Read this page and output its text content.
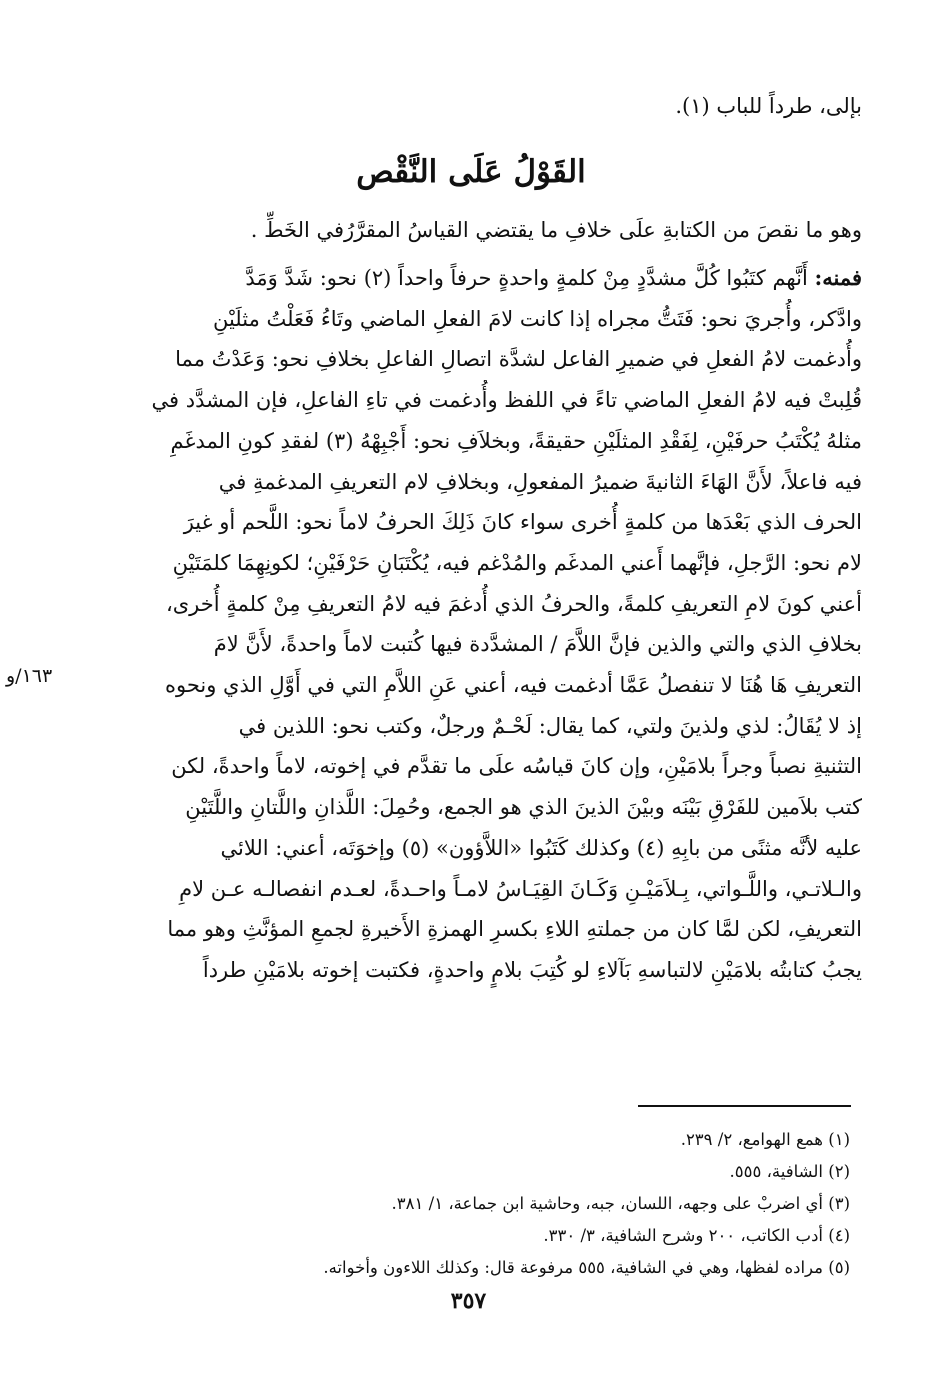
بإلى، طرداً للباب (١).
القَوْلُ عَلَى النَّقْص
وهو ما نقصَ من الكتابةِ علَى خلافِ ما يقتضي القياسُ المقرَّرُفي الخَطِّ .
فمنه: أَنَّهم كتَبُوا كُلَّ مشدَّدٍ مِنْ كلمةٍ واحدةٍ حرفاً واحداً (٢) نحو: شَدَّ وَمَدَّ
وادَّكر، وأُجريَ نحو: فَتَتُّ مجراه إذا كانت لامَ الفعلِ الماضي وتَاءُ فَعَلْتُ مثلَيْنِ
وأُدغمت لامُ الفعلِ في ضميرِ الفاعل لشدَّة اتصالِ الفاعلِ بخلافِ نحو: وَعَدْتُ مما
قُلِبتْ فيه لامُ الفعلِ الماضي تاءً في اللفظ وأُدغمت في تاءِ الفاعلِ، فإن المشدَّد في
مثلهُ يُكْتَبُ حرفَيْنِ، لِفَقْدِ المثلَيْنِ حقيقةً، وبخلاَفِ نحو: أَجْبِهْهُ (٣) لفقدِ كونِ المدغَمِ
فيه فاعلاً، لأَنَّ الهَاءَ الثانيةَ ضميرُ المفعولِ، وبخلافِ لام التعريفِ المدغمةِ في
الحرف الذي بَعْدَها من كلمةٍ أُخرى سواء كانَ ذَلِكَ الحرفُ لاماً نحو: اللَّحم أو غيرَ
لام نحو: الرَّجلِ، فإنَّهما أَعني المدغَم والمُدْغم فيه، يُكْتَبَانِ حَرْفَيْنِ؛ لكونِهِمَا كلمَتَيْنِ
أعني كونَ لامِ التعريفِ كلمةً، والحرفُ الذي أُدغمَ فيه لامُ التعريفِ مِنْ كلمةٍ أُخرى،
بخلافِ الذي والتي والذين فإنَّ اللاَّمَ / المشدَّدة فيها كُتبت لاماً واحدةً، لأَنَّ لامَ
التعريفِ هَا هُنَا لا تنفصلُ عَمَّا أدغمت فيه، أعني عَنِ اللاَّمِ التي في أَوَّلِ الذي ونحوه
إذ لا يُقَالُ: لذي ولذينَ ولتي، كما يقال: لَحْـمٌ ورجلٌ، وكتب نحو: اللذين في
التثنيةِ نصباً وجراً بلامَيْنِ، وإن كانَ قياسُه علَى ما تقدَّم في إخوته، لاماً واحدةً، لكن
كتب بلاَمين للفَرْقِ بَيْنَه وبيْنَ الذينَ الذي هو الجمع، وحُمِلَ: اللَّذانِ واللَّتانِ واللَّتَيْنِ
عليه لأنَّه مثنًى من بابِهِ (٤) وكذلك كَتَبُوا «اللاَّؤون» (٥) وإخوَتَه، أعني: اللائي
والـلاتـي، واللَّـواتي، بِـلاَمَيْـنِ وَكَـانَ القِيَـاسُ لامـاً واحـدةً، لعـدم انفصالـه عـن لامِ
التعريفِ، لكن لمَّا كان من جملتهِ اللاءِ بكسرِ الهمزةِ الأَخيرةِ لجمعِ المؤنَّثِ وهو مما
يجبُ كتابتُه بلامَيْنِ لالتباسهِ بَآلاءِ لو كُتِبَ بلامٍ واحدةٍ، فكتبت إخوته بلامَيْنِ طرداً
١٦٣/و
(١) همع الهوامع، ٢/ ٢٣٩.
(٢) الشافية، ٥٥٥.
(٣) أي اضربْ على وجهه، اللسان، جبه، وحاشية ابن جماعة، ١/ ٣٨١.
(٤) أدب الكاتب، ٢٠٠ وشرح الشافية، ٣/ ٣٣٠.
(٥) مراده لفظها، وهي في الشافية، ٥٥٥ مرفوعة قال: وكذلك اللاءون وأخواته.
٣٥٧
